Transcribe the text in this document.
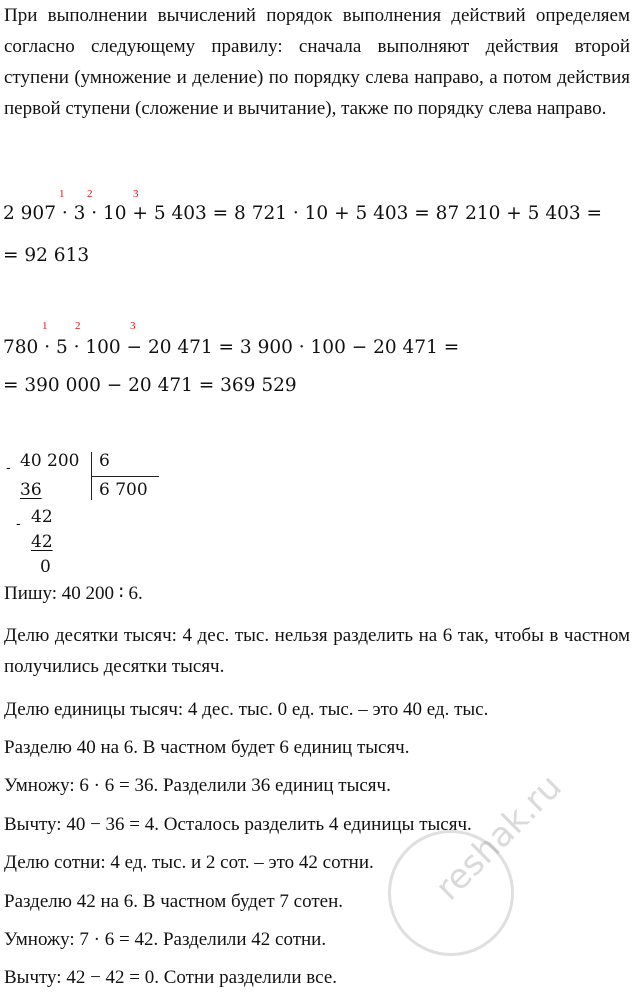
При выполнении вычислений порядок выполнения действий определяем согласно следующему правилу: сначала выполняют действия второй ступени (умножение и деление) по порядку слева направо, а потом действия первой ступени (сложение и вычитание), также по порядку слева направо.

1 2	3
2 907 · 3 · 10 + 5 403 = 8 721 · 10 + 5 403 = 87 210 + 5 403 =
= 92 613
1	2	3
780 · 5 · 100 − 20 471 = 3 900 · 100 − 20 471 =
= 390 000 − 20 471 = 369 529
- 40 200 6
6 700
36
- 42
42
0
Пишу: 40 200 ∶ 6.

Делю десятки тысяч: 4 дес. тыс. нельзя разделить на 6 так, чтобы в частном получились десятки тысяч.

Делю единицы тысяч: 4 дес. тыс. 0 ед. тыс. – это 40 ед. тыс.
Разделю 40 на 6. В частном будет 6 единиц тысяч.
Умножу: 6 · 6 = 36. Разделили 36 единиц тысяч.
Вычту: 40 − 36 = 4. Осталось разделить 4 единицы тысяч.
Делю сотни: 4 ед. тыс. и 2 сот. – это 42 сотни.
Разделю 42 на 6. В частном будет 7 сотен.
Умножу: 7 · 6 = 42. Разделили 42 сотни.
Вычту: 42 − 42 = 0. Сотни разделили все.
reshak.ru
